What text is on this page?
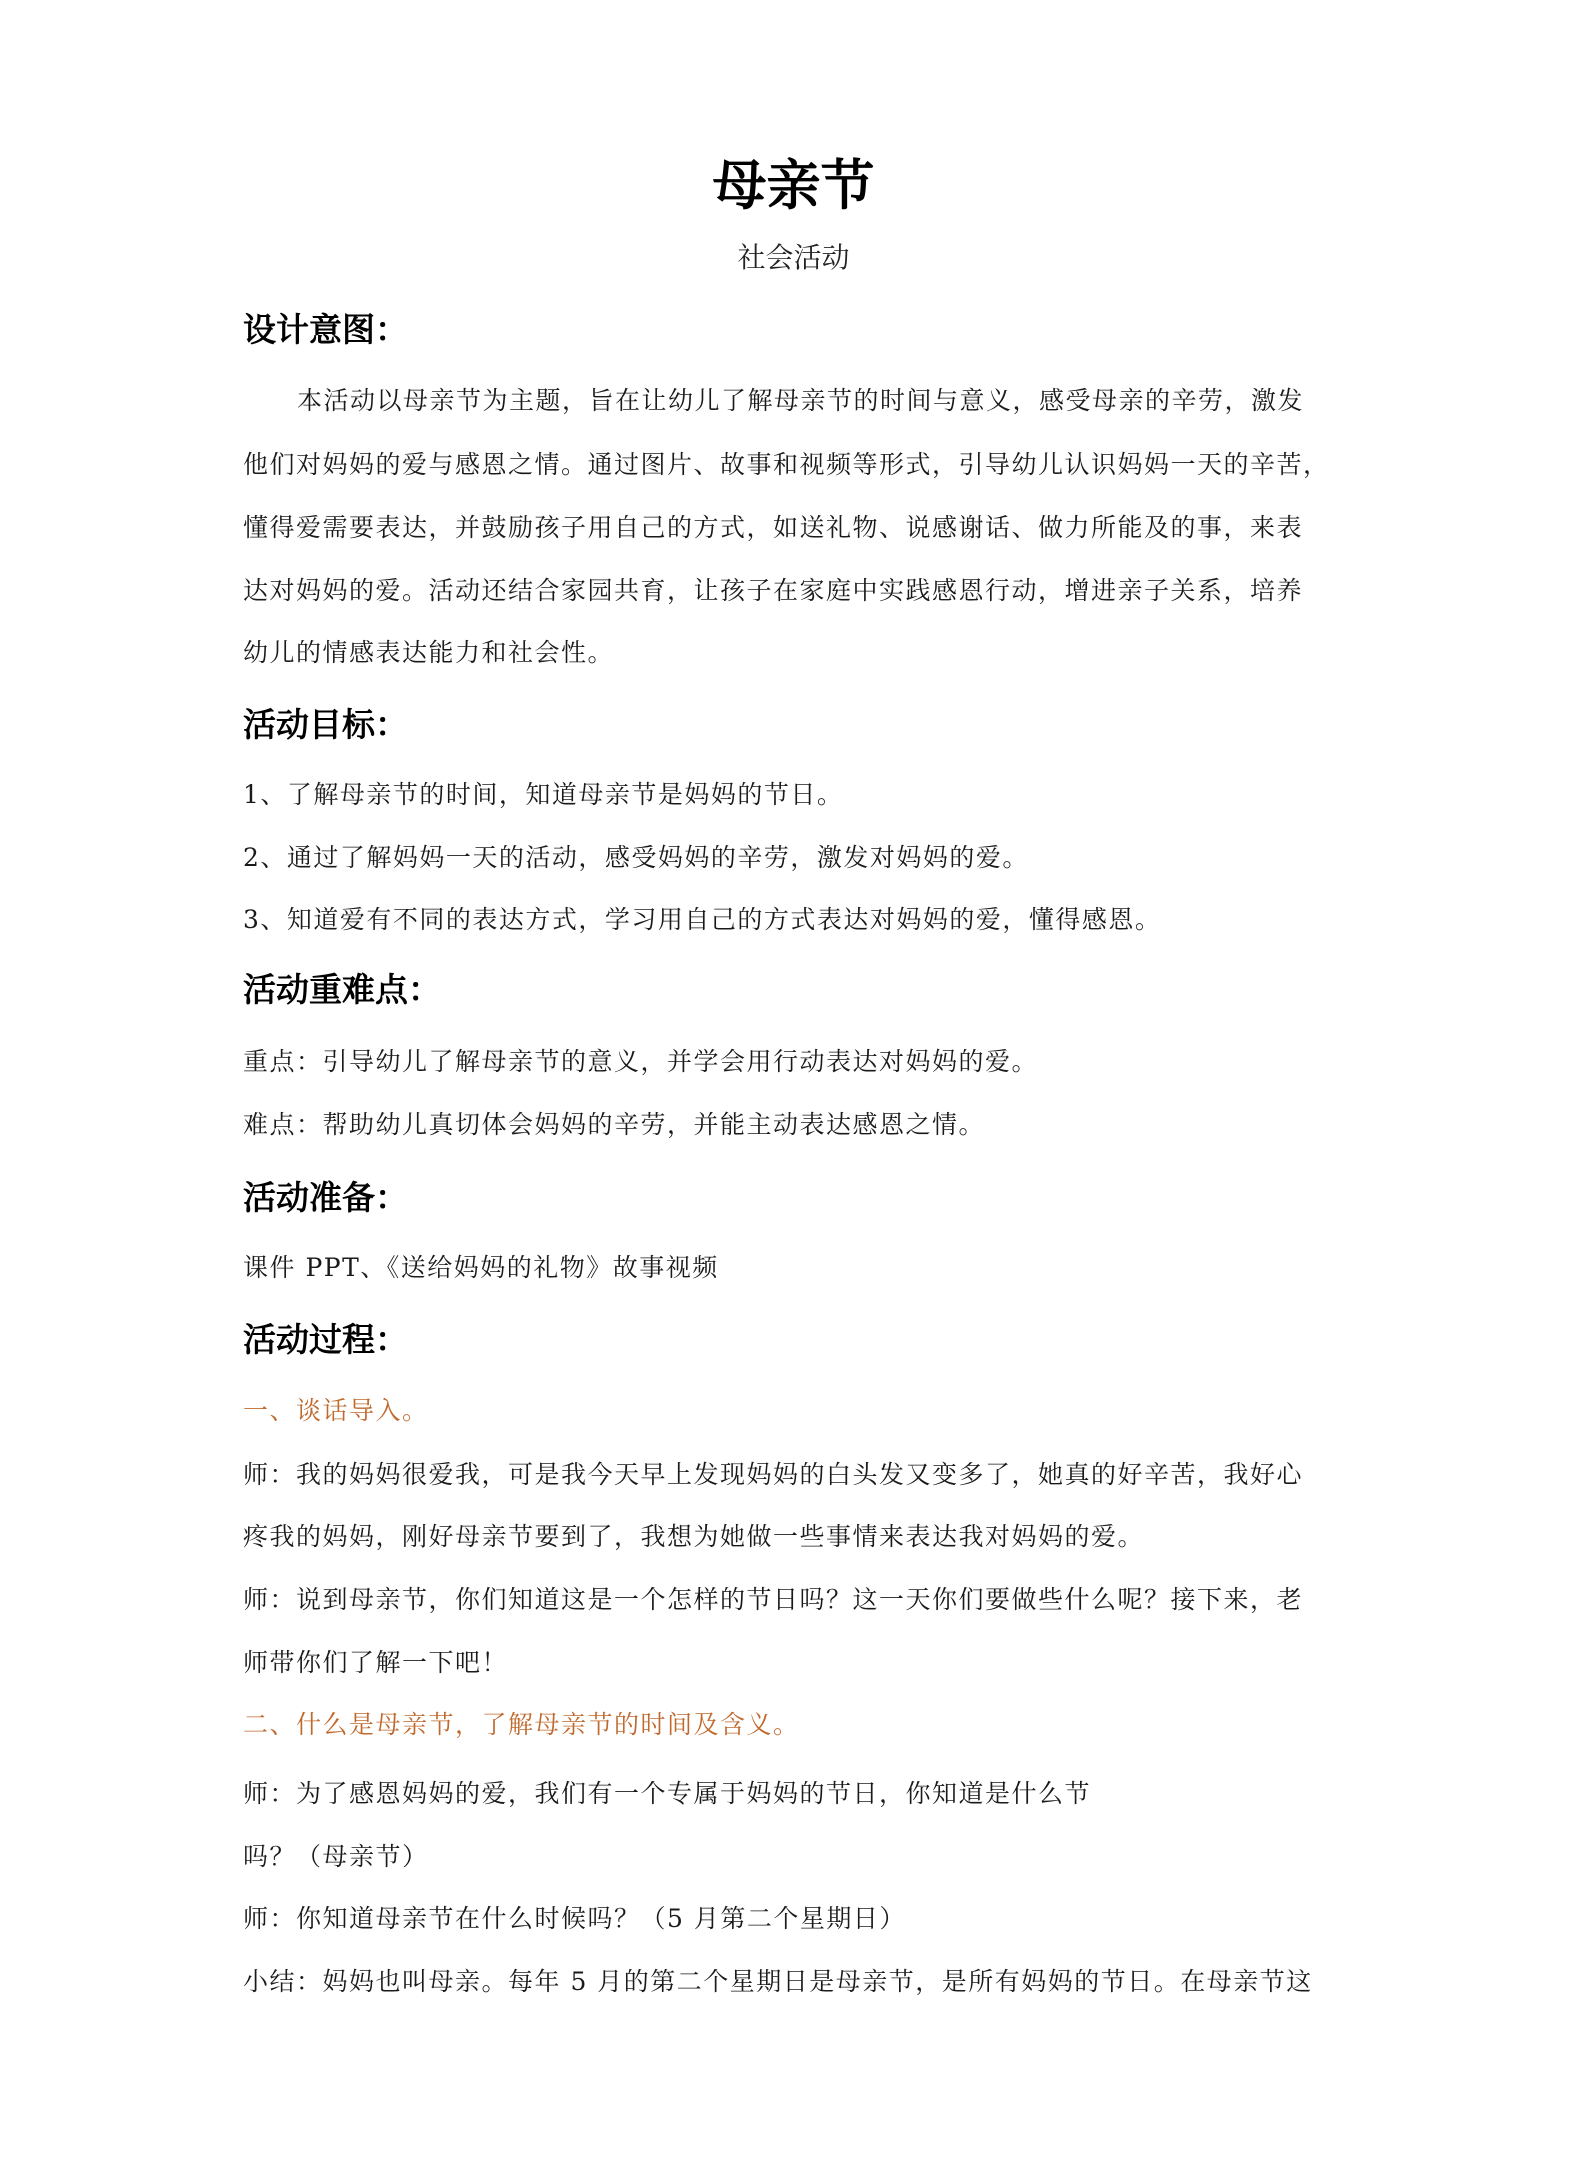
母亲节
社会活动
设计意图：
本活动以母亲节为主题，旨在让幼儿了解母亲节的时间与意义，感受母亲的辛劳，激发
他们对妈妈的爱与感恩之情。通过图片、故事和视频等形式，引导幼儿认识妈妈一天的辛苦，
懂得爱需要表达，并鼓励孩子用自己的方式，如送礼物、说感谢话、做力所能及的事，来表
达对妈妈的爱。活动还结合家园共育，让孩子在家庭中实践感恩行动，增进亲子关系，培养
幼儿的情感表达能力和社会性。
活动目标：
1、了解母亲节的时间，知道母亲节是妈妈的节日。
2、通过了解妈妈一天的活动，感受妈妈的辛劳，激发对妈妈的爱。
3、知道爱有不同的表达方式，学习用自己的方式表达对妈妈的爱，懂得感恩。
活动重难点：
重点：引导幼儿了解母亲节的意义，并学会用行动表达对妈妈的爱。
难点：帮助幼儿真切体会妈妈的辛劳，并能主动表达感恩之情。
活动准备：
课件 PPT、《送给妈妈的礼物》故事视频
活动过程：
一、谈话导入。
师：我的妈妈很爱我，可是我今天早上发现妈妈的白头发又变多了，她真的好辛苦，我好心
疼我的妈妈，刚好母亲节要到了，我想为她做一些事情来表达我对妈妈的爱。
师：说到母亲节，你们知道这是一个怎样的节日吗？这一天你们要做些什么呢？接下来，老
师带你们了解一下吧！
二、什么是母亲节，了解母亲节的时间及含义。
师：为了感恩妈妈的爱，我们有一个专属于妈妈的节日，你知道是什么节
吗？（母亲节）
师：你知道母亲节在什么时候吗？（5 月第二个星期日）
小结：妈妈也叫母亲。每年 5 月的第二个星期日是母亲节，是所有妈妈的节日。在母亲节这
